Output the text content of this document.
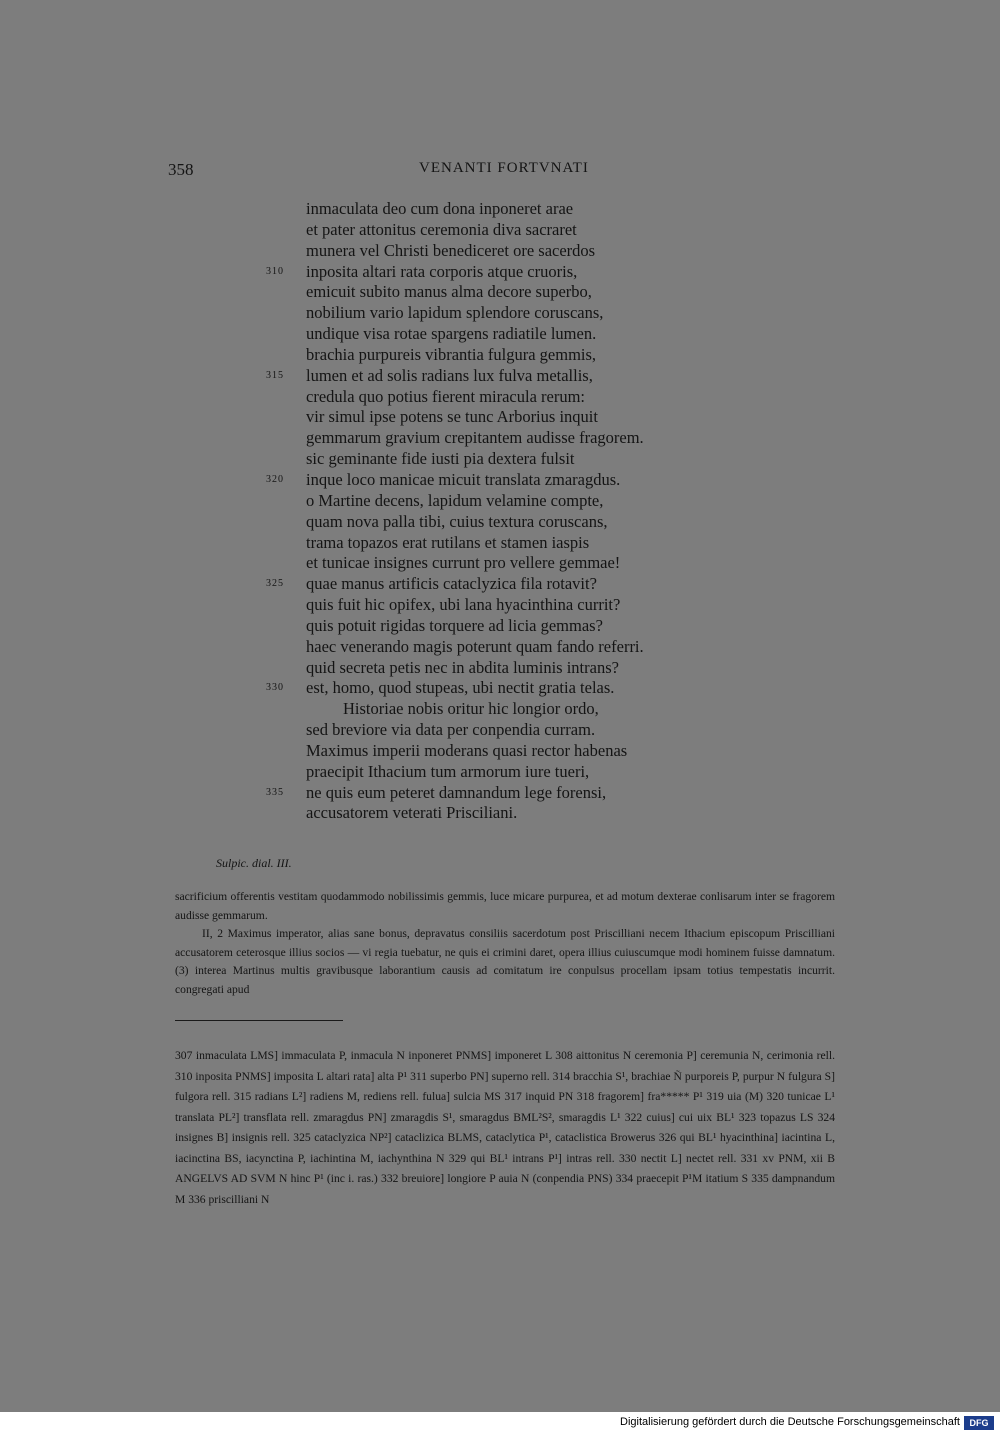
358	VENANTI FORTVNATI
inmaculata deo cum dona inponeret arae
et pater attonitus ceremonia diva sacraret
munera vel Christi benediceret ore sacerdos
310 inposita altari rata corporis atque cruoris,
emicuit subito manus alma decore superbo,
nobilium vario lapidum splendore coruscans,
undique visa rotae spargens radiatile lumen.
brachia purpureis vibrantia fulgura gemmis,
315 lumen et ad solis radians lux fulva metallis,
credula quo potius fierent miracula rerum:
vir simul ipse potens se tunc Arborius inquit
gemmarum gravium crepitantem audisse fragorem.
sic geminante fide iusti pia dextera fulsit
320 inque loco manicae micuit translata zmaragdus.
o Martine decens, lapidum velamine compte,
quam nova palla tibi, cuius textura coruscans,
trama topazos erat rutilans et stamen iaspis
et tunicae insignes currunt pro vellere gemmae!
325 quae manus artificis cataclyzica fila rotavit?
quis fuit hic opifex, ubi lana hyacinthina currit?
quis potuit rigidas torquere ad licia gemmas?
haec venerando magis poterunt quam fando referri.
quid secreta petis nec in abdita luminis intrans?
330 est, homo, quod stupeas, ubi nectit gratia telas.
Historiae nobis oritur hic longior ordo,
sed breviore via data per conpendia curram.
Maximus imperii moderans quasi rector habenas
praecipit Ithacium tum armorum iure tueri,
335 ne quis eum peteret damnandum lege forensi,
accusatorem veterati Prisciliani.
Sulpic. dial. III.

sacrificium offerentis vestitam quodammodo nobilissimis gemmis, luce micare purpurea, et ad motum dexterae conlisarum inter se fragorem audisse gemmarum.

II, 2 Maximus imperator, alias sane bonus, depravatus consiliis sacerdotum post Priscilliani necem Ithacium episcopum Priscilliani accusatorem ceterosque illius socios — vi regia tuebatur, ne quis ei crimini daret, opera illius cuiuscumque modi hominem fuisse damnatum. (3) interea Martinus multis gravibusque laborantium causis ad comitatum ire conpulsus procellam ipsam totius tempestatis incurrit. congregati apud

307 inmaculata LMS] immaculata P, inmacula N inponeret PNMS] imponeret L 308 aittonitus N ceremonia P] ceremunia N, cerimonia rell. 310 inposita PNMS] imposita L altari rata] alta P¹ 311 superbo PN] superno rell. 314 bracchia S¹, brachiae Ñ purporeis P, purpur N fulgura S] fulgora rell. 315 radians L²] radiens M, rediens rell. fulua] sulcia MS 317 inquid PN 318 fragorem] fra***** P¹ 319 uia (M) 320 tunicae L¹ translata PL²] transflata rell. zmaragdus PN] zmaragdis S¹, smaragdus BML²S², smaragdis L¹ 322 cuius] cui uix BL¹ 323 topazus LS 324 insignes B] insignis rell. 325 cataclyzica NP²] cataclizica BLMS, cataclytica P¹, cataclistica Browerus 326 qui BL¹ hyacinthina] iacintina L, iacinctina BS, iacynctina P, iachintina M, iachynthina N 329 qui BL¹ intrans P¹] intras rell. 330 nectit L] nectet rell. 331 xv PNM, xii B ANGELVS AD SVM N hinc P¹ (inc i. ras.) 332 breuiore] longiore P auia N (conpendia PNS) 334 praecepit P¹M itatium S 335 dampnandum M 336 priscilliani N
Digitalisierung gefördert durch die Deutsche Forschungsgemeinschaft	DFG
